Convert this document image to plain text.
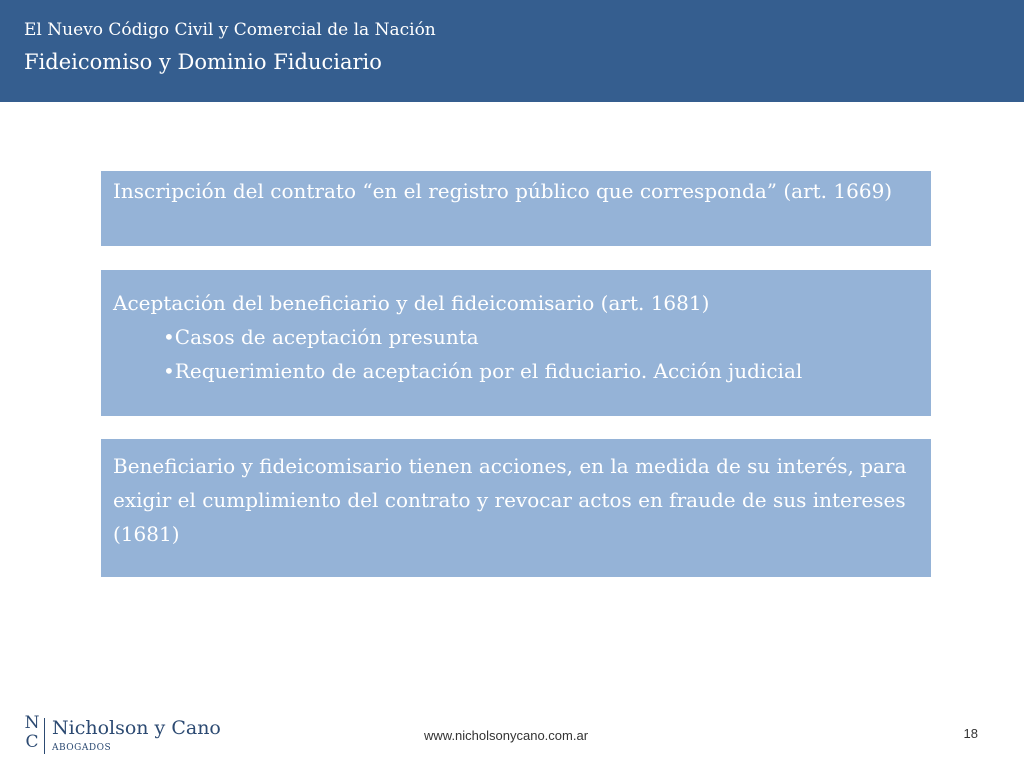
El Nuevo Código Civil y Comercial de la Nación
Fideicomiso y Dominio Fiduciario
Inscripción del contrato “en el registro público que corresponda” (art. 1669)
Aceptación del beneficiario y del fideicomisario (art. 1681)
•Casos de aceptación presunta
•Requerimiento de aceptación por el fiduciario. Acción judicial
Beneficiario y fideicomisario tienen acciones, en la medida de su interés, para exigir el cumplimiento del contrato y revocar actos en fraude de sus intereses (1681)
N
C
Nicholson y Cano
ABOGADOS
www.nicholsonycano.com.ar	18
